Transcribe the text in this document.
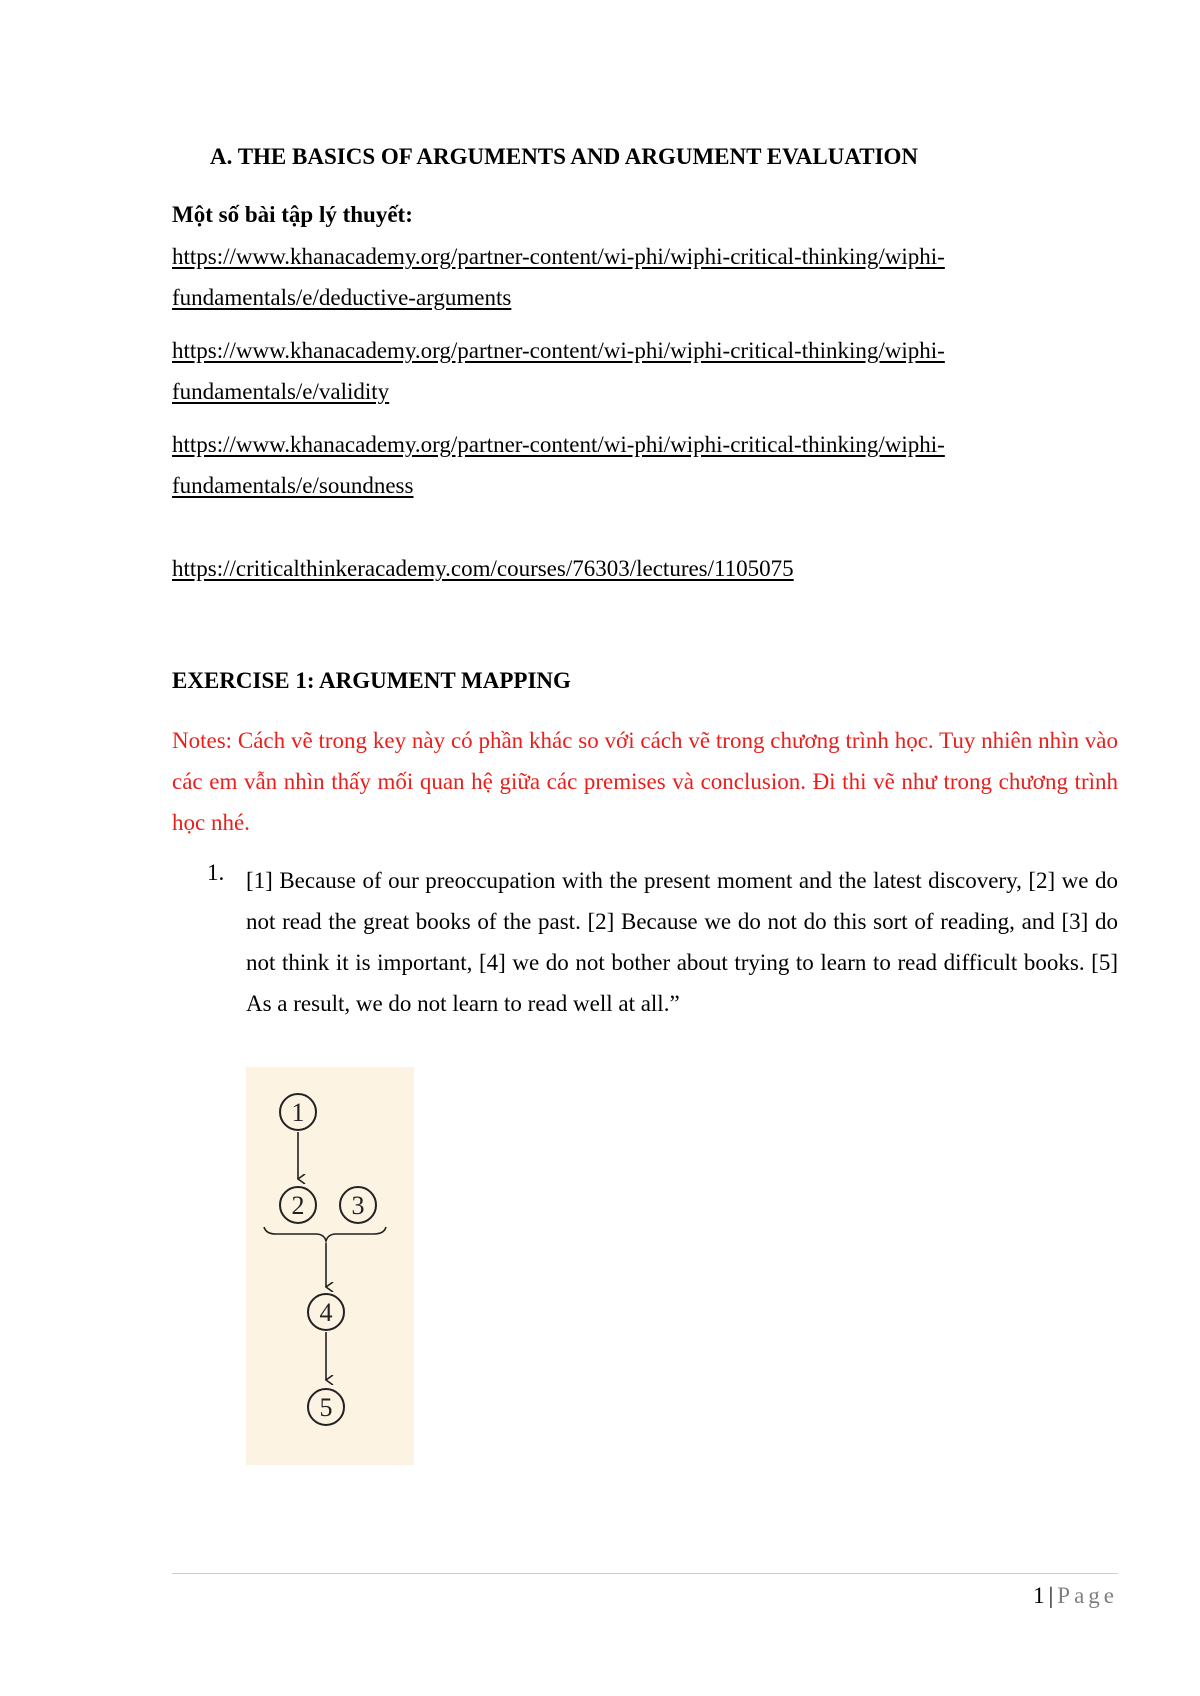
A. THE BASICS OF ARGUMENTS AND ARGUMENT EVALUATION
Một số bài tập lý thuyết:
https://www.khanacademy.org/partner-content/wi-phi/wiphi-critical-thinking/wiphi-
fundamentals/e/deductive-arguments
https://www.khanacademy.org/partner-content/wi-phi/wiphi-critical-thinking/wiphi-
fundamentals/e/validity
https://www.khanacademy.org/partner-content/wi-phi/wiphi-critical-thinking/wiphi-
fundamentals/e/soundness
https://criticalthinkeracademy.com/courses/76303/lectures/1105075
EXERCISE 1: ARGUMENT MAPPING
Notes: Cách vẽ trong key này có phần khác so với cách vẽ trong chương trình học. Tuy nhiên nhìn vào các em vẫn nhìn thấy mối quan hệ giữa các premises và conclusion. Đi thi vẽ như trong chương trình học nhé.
1. [1] Because of our preoccupation with the present moment and the latest discovery, [2] we do not read the great books of the past. [2] Because we do not do this sort of reading, and [3] do not think it is important, [4] we do not bother about trying to learn to read difficult books. [5] As a result, we do not learn to read well at all.”
1
2 3
4
5
1 | Page
